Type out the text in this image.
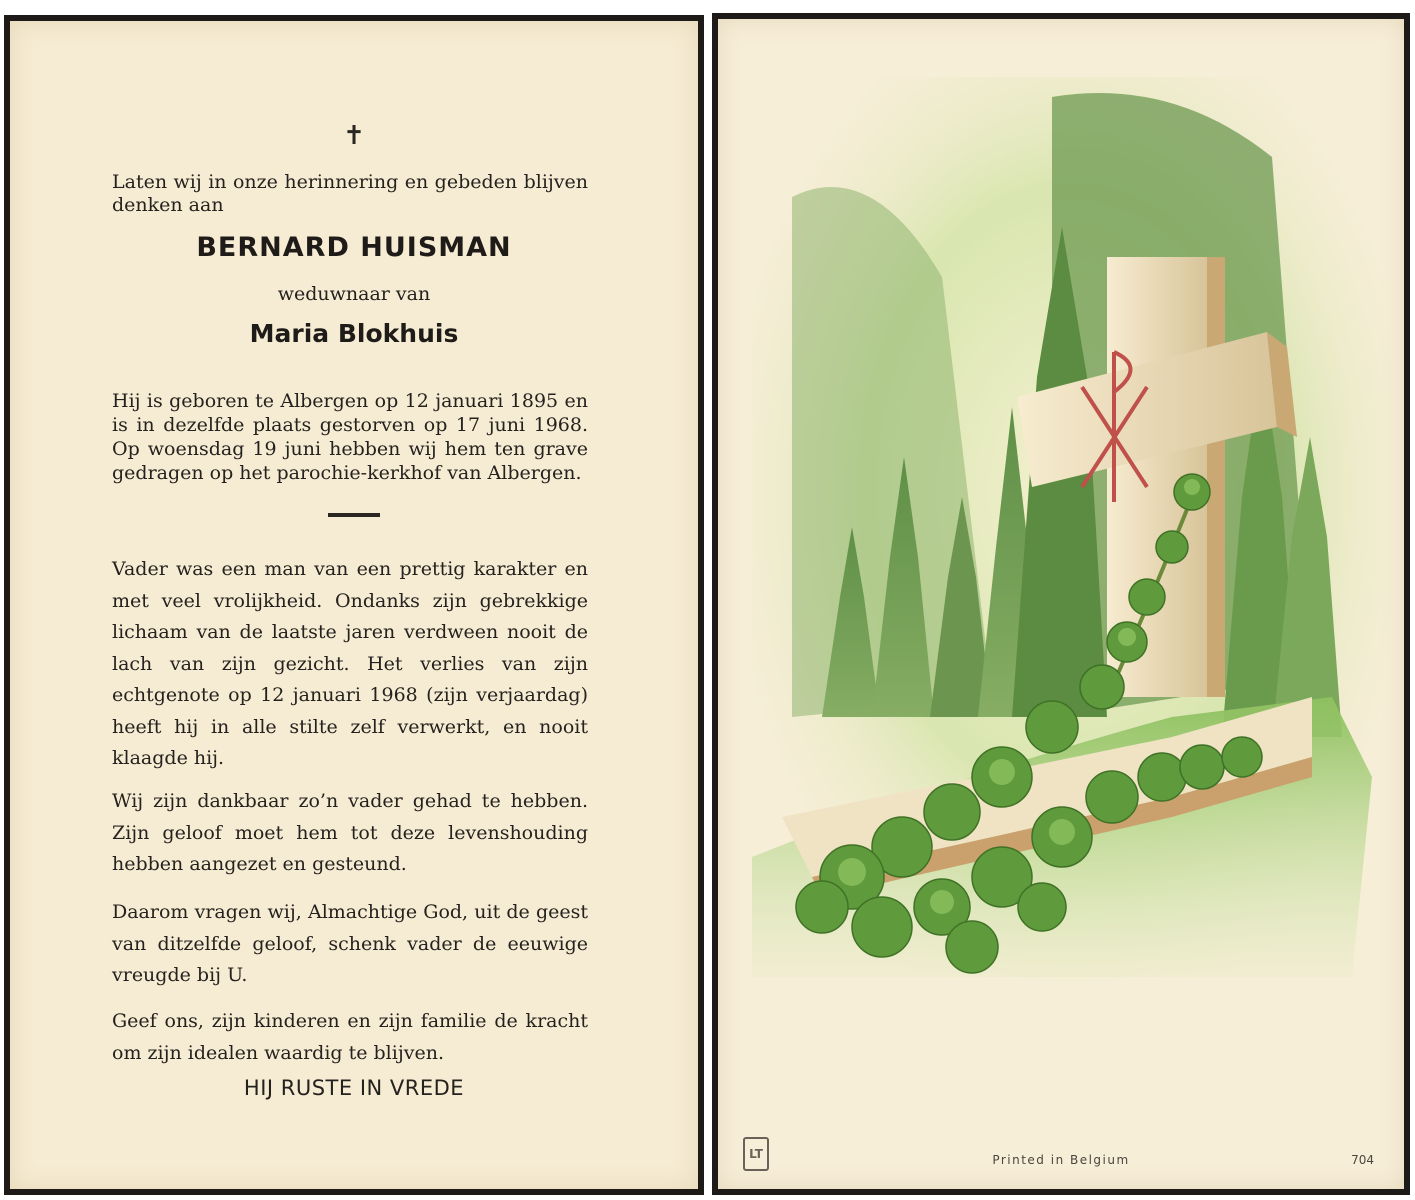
✝
Laten wij in onze herinnering en gebeden blijven denken aan
BERNARD HUISMAN
weduwnaar van
Maria Blokhuis
Hij is geboren te Albergen op 12 januari 1895 en is in dezelfde plaats gestorven op 17 juni 1968. Op woensdag 19 juni hebben wij hem ten grave gedragen op het parochie-kerkhof van Albergen.
Vader was een man van een prettig karakter en met veel vrolijkheid. Ondanks zijn gebrekkige lichaam van de laatste jaren verdween nooit de lach van zijn gezicht. Het verlies van zijn echtgenote op 12 januari 1968 (zijn verjaardag) heeft hij in alle stilte zelf verwerkt, en nooit klaagde hij.
Wij zijn dankbaar zo’n vader gehad te hebben. Zijn geloof moet hem tot deze levenshouding hebben aangezet en gesteund.
Daarom vragen wij, Almachtige God, uit de geest van ditzelfde geloof, schenk vader de eeuwige vreugde bij U.
Geef ons, zijn kinderen en zijn familie de kracht om zijn idealen waardig te blijven.
HIJ RUSTE IN VREDE
LT	Printed in Belgium	704
